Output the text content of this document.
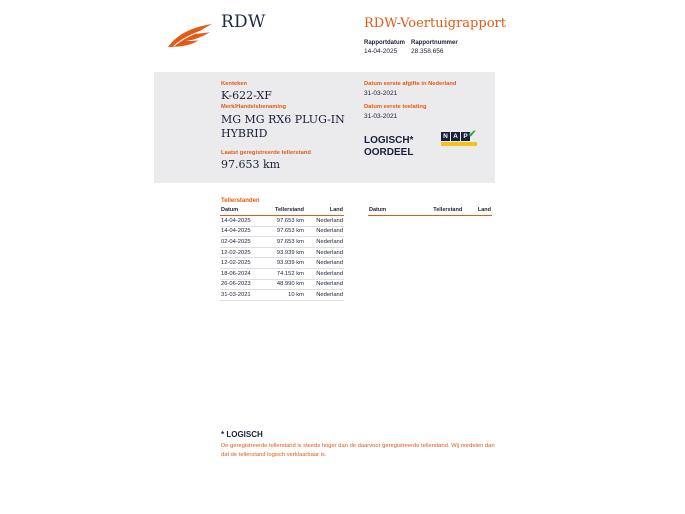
RDW	RDW-Voertuigrapport
Rapportdatum
14-04-2025
Rapportnummer
28.358.656
Kenteken
K-622-XF
Merk/Handelsbenaming
MG MG RX6 PLUG-IN
HYBRID
Laatst geregistreerde tellerstand
97.653 km
Datum eerste afgifte in Nederland
31-03-2021
Datum eerste toelating
31-03-2021
LOGISCH*
OORDEEL
N A P ✔
Tellerstanden
Datum	Tellerstand	Land
14-04-2025	97.653 km	Nederland
14-04-2025	97.653 km	Nederland
02-04-2025	97.653 km	Nederland
12-02-2025	93.939 km	Nederland
12-02-2025	93.939 km	Nederland
18-06-2024	74.152 km	Nederland
26-06-2023	48.990 km	Nederland
31-03-2021	10 km	Nederland
Datum	Tellerstand	Land
* LOGISCH
De geregistreerde tellerstand is steeds hoger dan de daarvoor geregistreerde tellerstand. Wij oordelen dan dat de tellerstand logisch verklaarbaar is.
